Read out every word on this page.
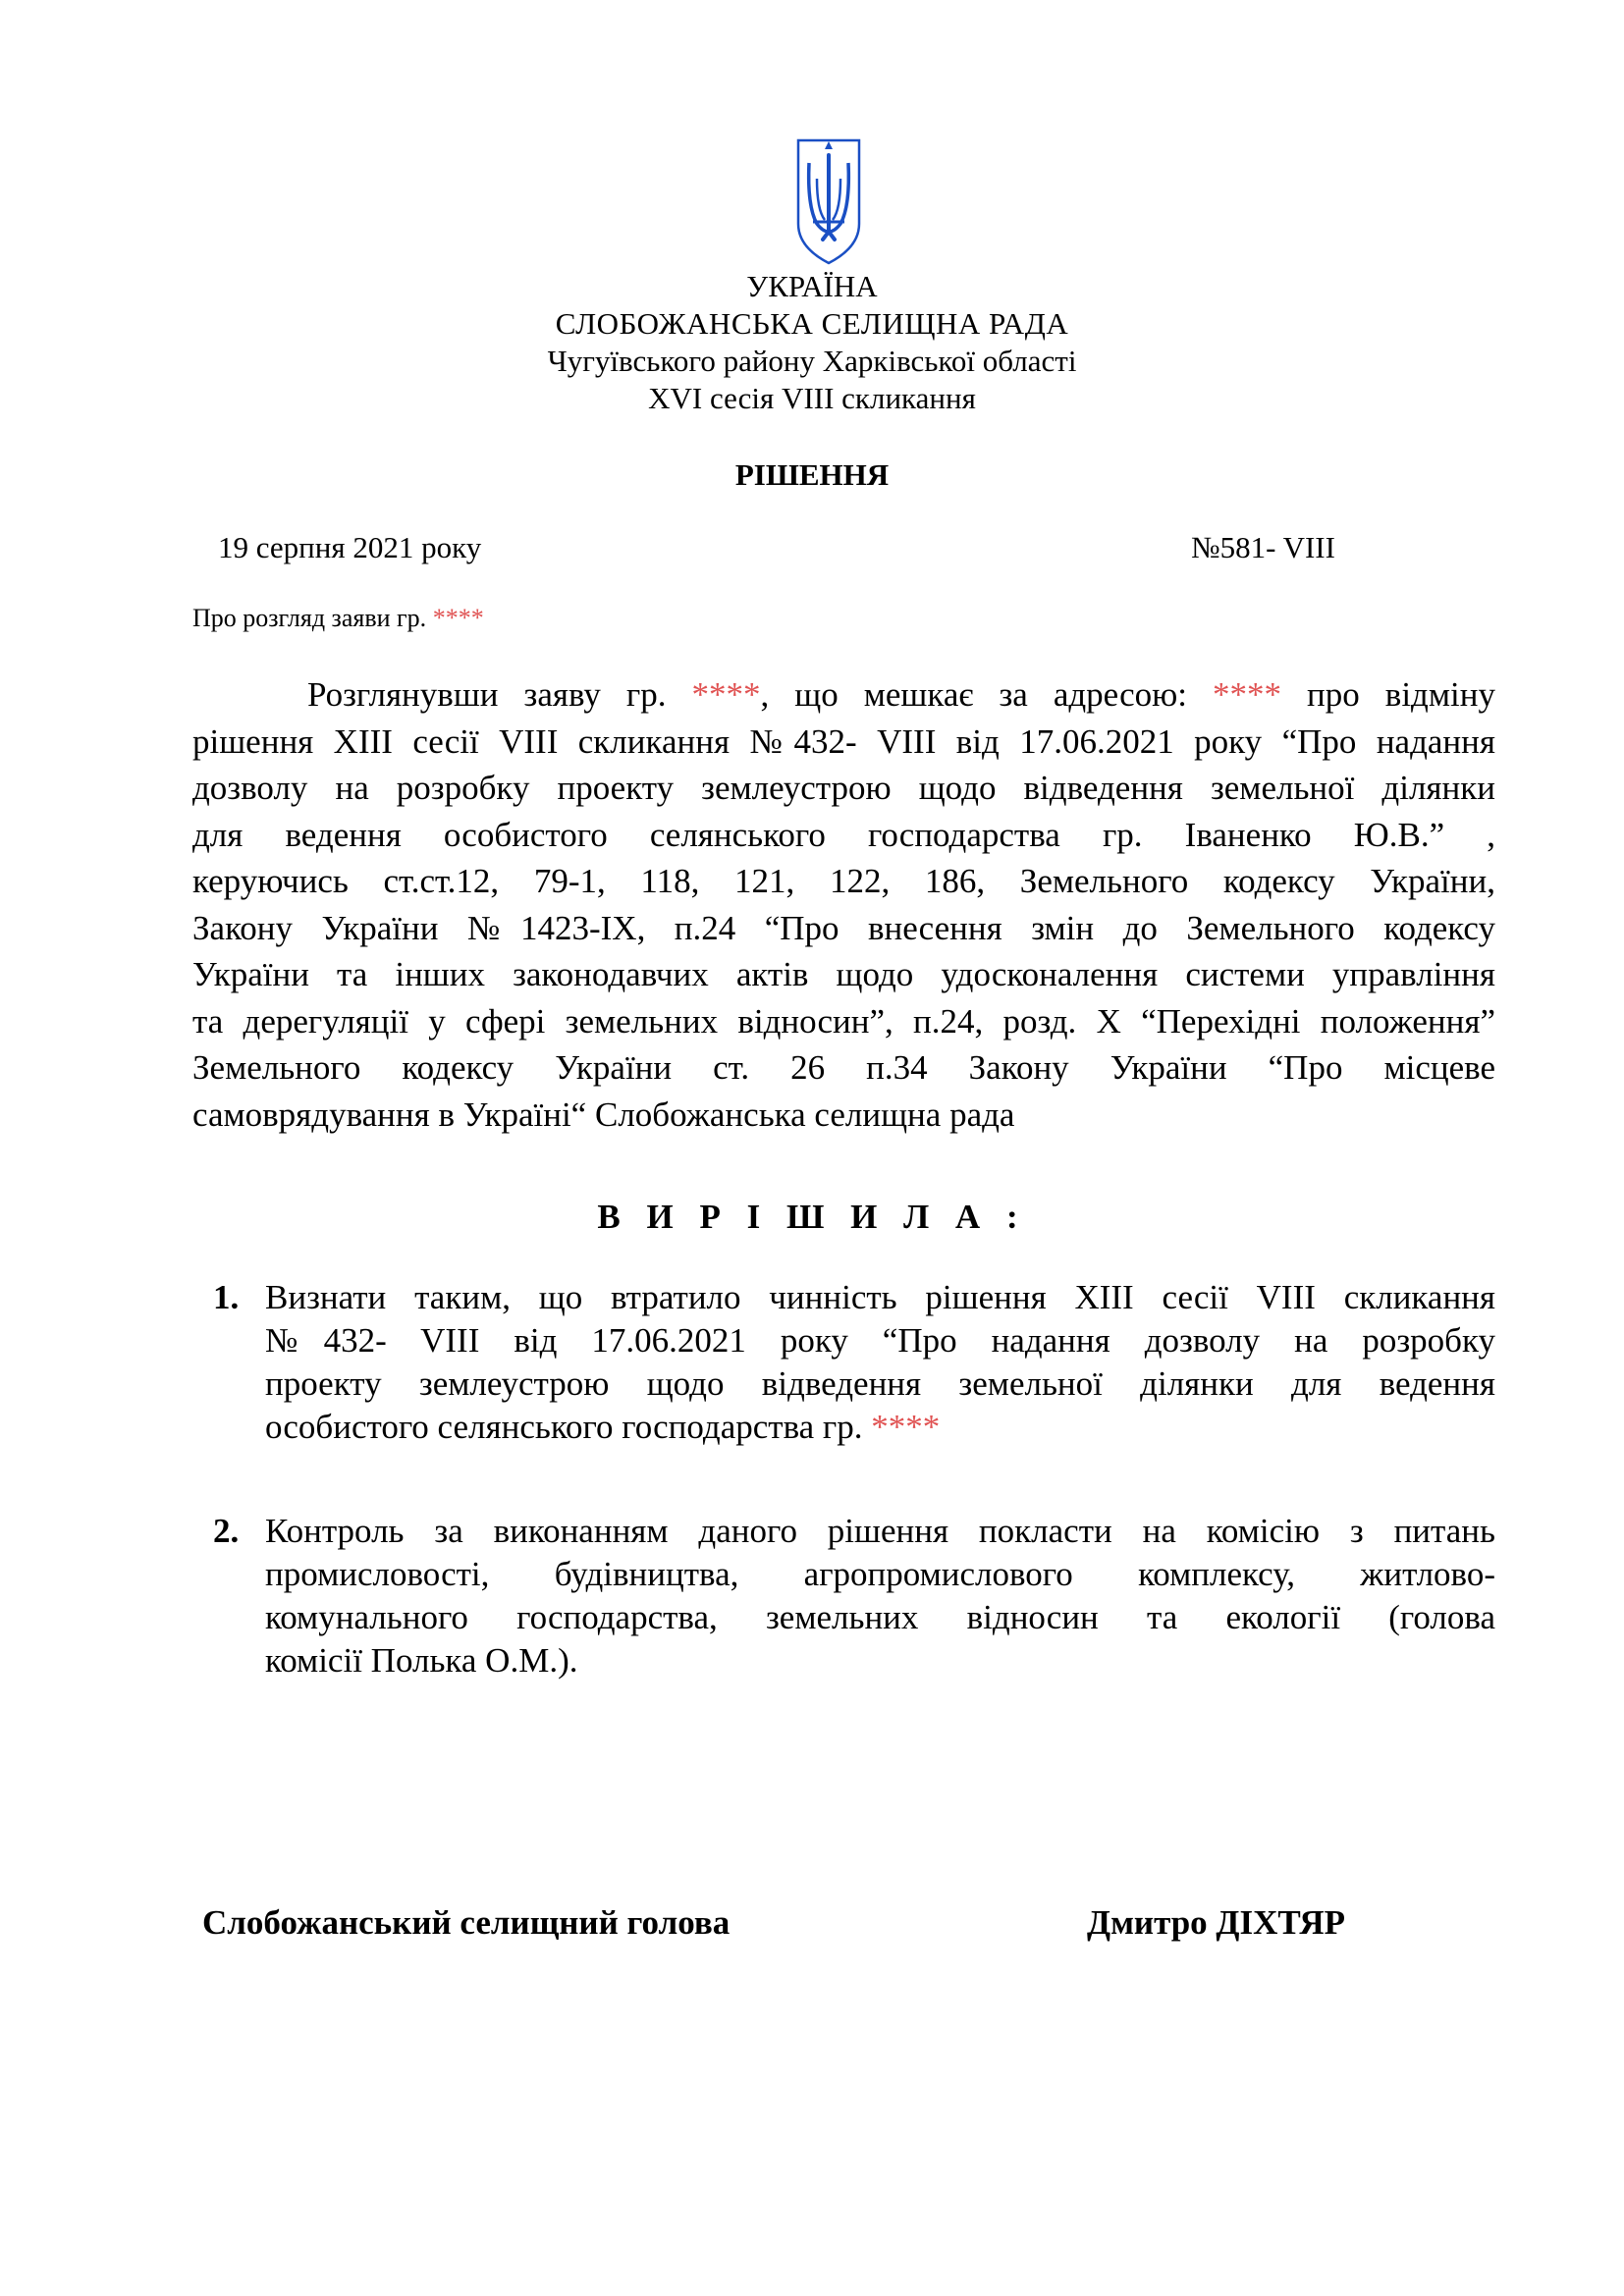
УКРАЇНА
СЛОБОЖАНСЬКА СЕЛИЩНА РАДА
Чугуївського району Харківської області
XVI сесія VIII скликання
РІШЕННЯ
19 серпня 2021 року	№581- VIII
Про розгляд заяви гр. ****
Розглянувши заяву гр. ****, що мешкає за адресою: **** про відміну
рішення ХІІІ сесії VIII скликання №432- VIII від 17.06.2021 року “Про надання
дозволу на розробку проекту землеустрою щодо відведення земельної ділянки
для ведення особистого селянського господарства гр. Іваненко Ю.В.” ,
керуючись ст.ст.12, 79-1, 118, 121, 122, 186, Земельного кодексу України,
Закону України №1423-ІХ, п.24 “Про внесення змін до Земельного кодексу
України та інших законодавчих актів щодо удосконалення системи управління
та дерегуляції у сфері земельних відносин”, п.24, розд. Х “Перехідні положення”
Земельного кодексу України ст. 26 п.34 Закону України “Про місцеве
самоврядування в Україні“ Слобожанська селищна рада
В И Р І Ш И Л А :
1. Визнати таким, що втратило чинність рішення ХІІІ сесії VIII скликання
№432- VIII від 17.06.2021 року “Про надання дозволу на розробку
проекту землеустрою щодо відведення земельної ділянки для ведення
особистого селянського господарства гр. ****
2. Контроль за виконанням даного рішення покласти на комісію з питань
промисловості, будівництва, агропромислового комплексу, житлово-
комунального господарства, земельних відносин та екології (голова
комісії Полька О.М.).
Слобожанський селищний голова	Дмитро ДІХТЯР
